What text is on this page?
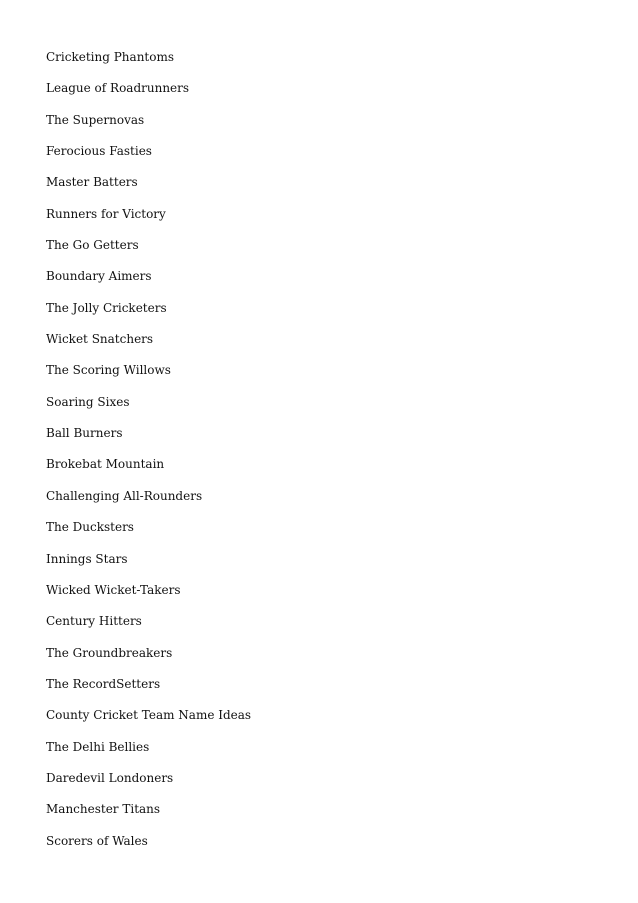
Cricketing Phantoms
League of Roadrunners
The Supernovas
Ferocious Fasties
Master Batters
Runners for Victory
The Go Getters
Boundary Aimers
The Jolly Cricketers
Wicket Snatchers
The Scoring Willows
Soaring Sixes
Ball Burners
Brokebat Mountain
Challenging All-Rounders
The Ducksters
Innings Stars
Wicked Wicket-Takers
Century Hitters
The Groundbreakers
The RecordSetters
County Cricket Team Name Ideas
The Delhi Bellies
Daredevil Londoners
Manchester Titans
Scorers of Wales
